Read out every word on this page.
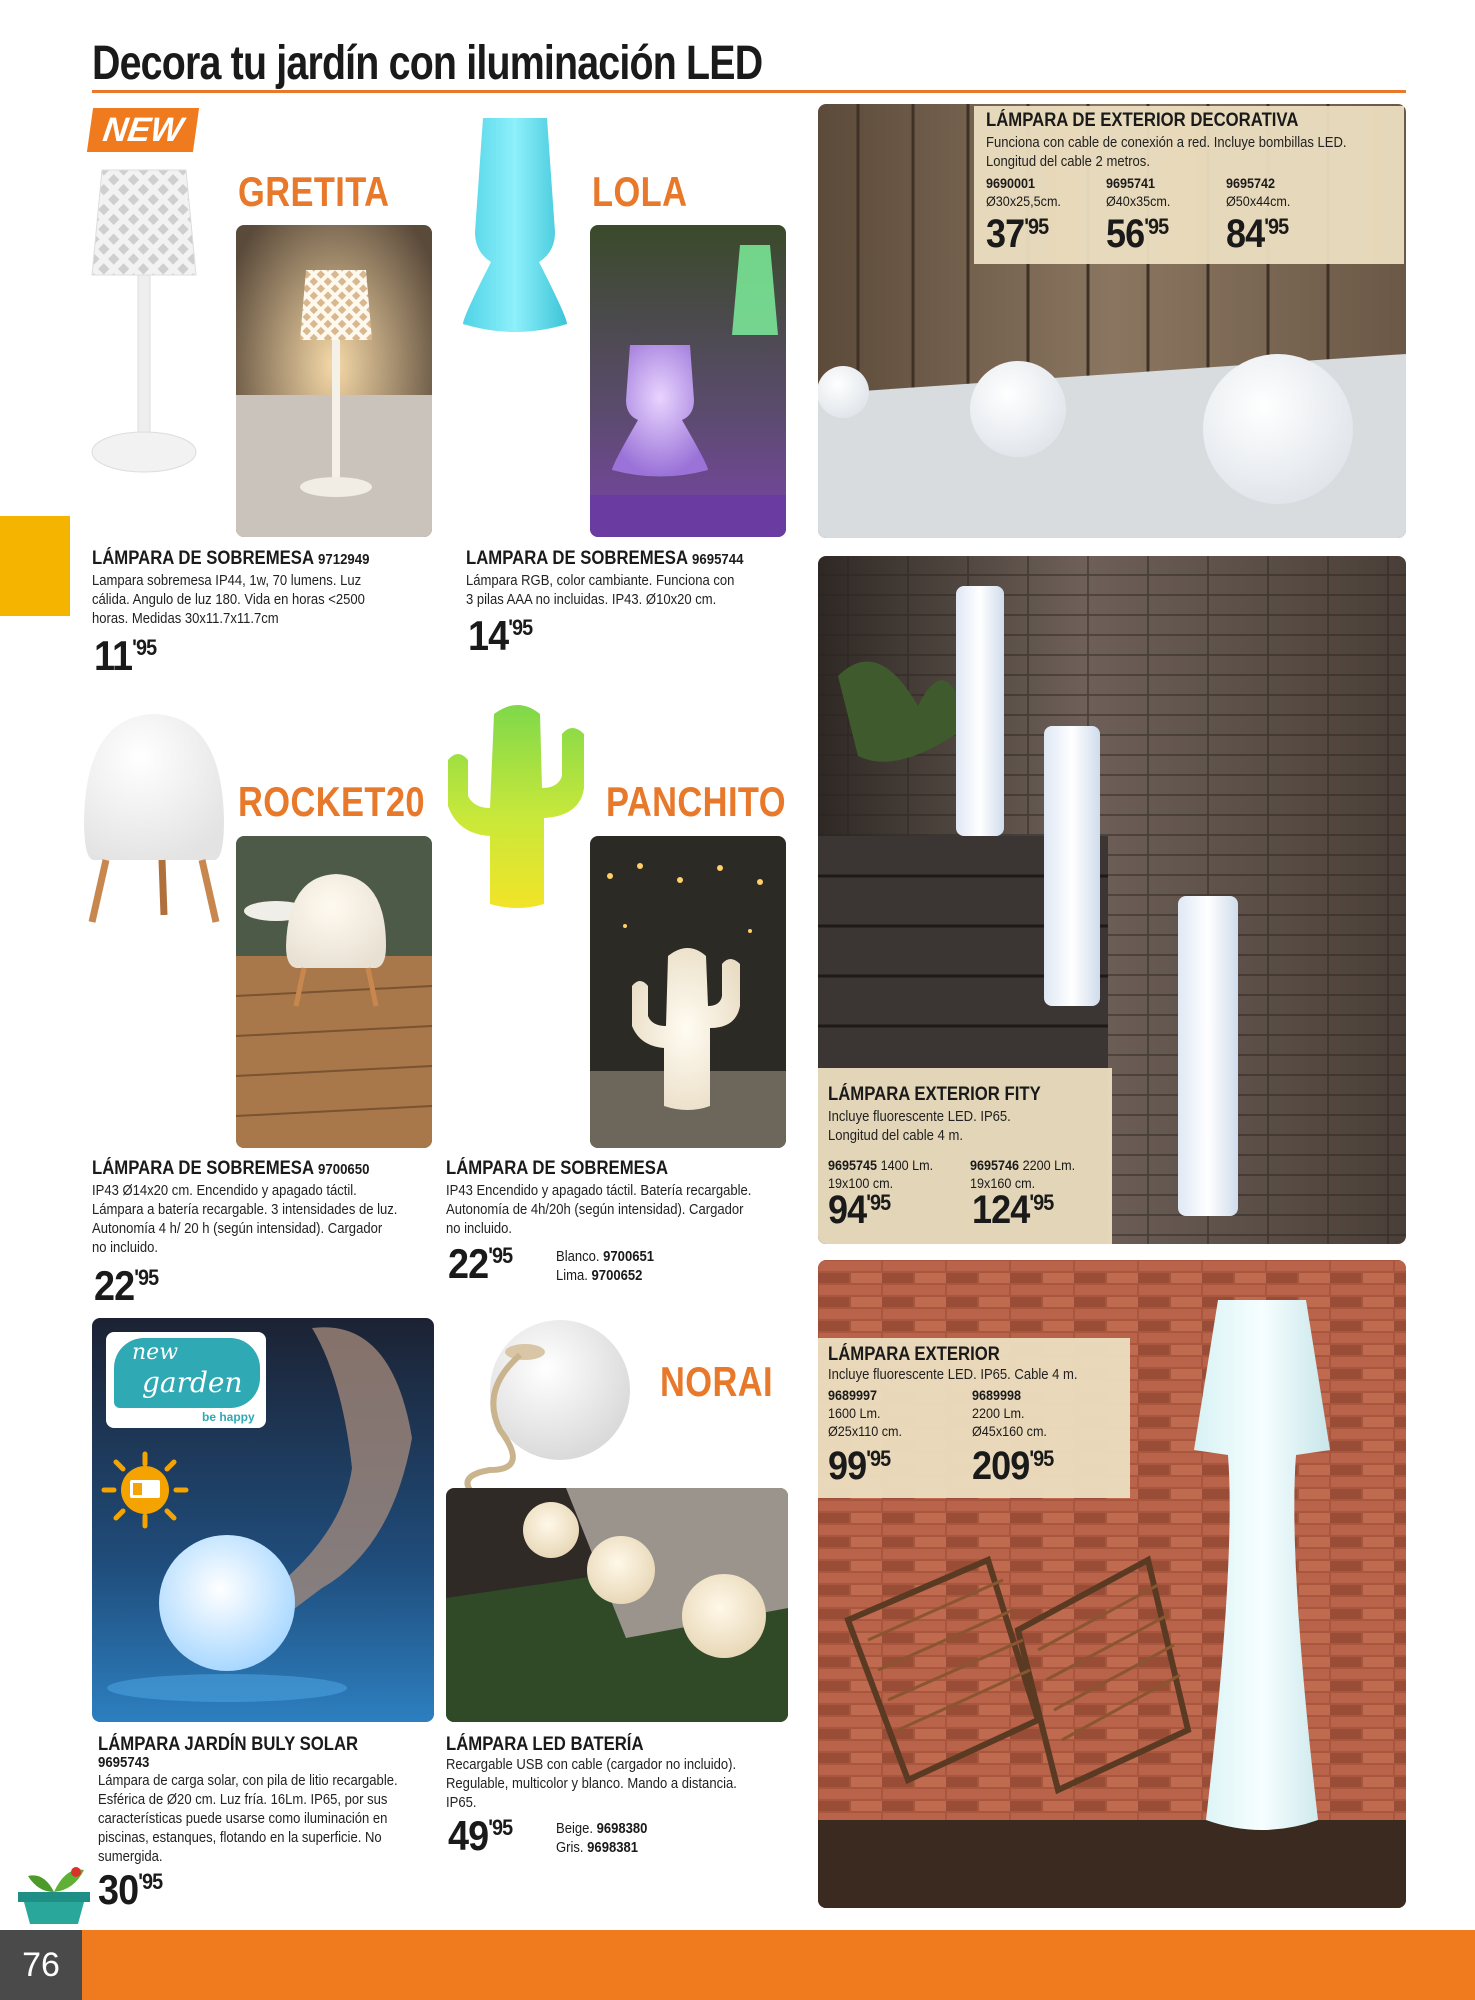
Decora tu jardín con iluminación LED
NEW
GRETITA
LÁMPARA DE SOBREMESA 9712949
Lampara sobremesa IP44, 1w, 70 lumens. Luz cálida. Angulo de luz 180. Vida en horas <2500 horas. Medidas 30x11.7x11.7cm
$11^{'95}$
LOLA
LAMPARA DE SOBREMESA 9695744
Lámpara RGB, color cambiante. Funciona con 3 pilas AAA no incluidas. IP43. Ø10x20 cm.
$14^{'95}$
LÁMPARA DE EXTERIOR DECORATIVA
Funciona con cable de conexión a red. Incluye bombillas LED. Longitud del cable 2 metros.
9690001
Ø30x25,5cm.
9695741
Ø40x35cm.
9695742
Ø50x44cm.
$37^{'95}$ $56^{'95}$ $84^{'95}$
ROCKET20
LÁMPARA DE SOBREMESA 9700650
IP43 Ø14x20 cm. Encendido y apagado táctil. Lámpara a batería recargable. 3 intensidades de luz. Autonomía 4 h/ 20 h (según intensidad). Cargador no incluido.
$22^{'95}$
PANCHITO
LÁMPARA DE SOBREMESA
IP43 Encendido y apagado táctil. Batería recargable. Autonomía de 4h/20h (según intensidad). Cargador no incluido.
$22^{'95}$	Blanco. 9700651
Lima. 9700652
LÁMPARA EXTERIOR FITY
Incluye fluorescente LED. IP65. Longitud del cable 4 m.
9695745 1400 Lm.
19x100 cm.
9695746 2200 Lm.
19x160 cm.
$94^{'95}$ $124^{'95}$
new
garden
be happy
LÁMPARA JARDÍN BULY SOLAR
9695743
Lámpara de carga solar, con pila de litio recargable. Esférica de Ø20 cm. Luz fría. 16Lm. IP65, por sus características puede usarse como iluminación en piscinas, estanques, flotando en la superficie. No sumergida.
$30^{'95}$
NORAI
LÁMPARA LED BATERÍA
Recargable USB con cable (cargador no incluido). Regulable, multicolor y blanco. Mando a distancia. IP65.
$49^{'95}$	Beige. 9698380
Gris. 9698381
LÁMPARA EXTERIOR
Incluye fluorescente LED. IP65. Cable 4 m.
9689997
1600 Lm.
Ø25x110 cm.
9689998
2200 Lm.
Ø45x160 cm.
$99^{'95}$ $209^{'95}$
76
